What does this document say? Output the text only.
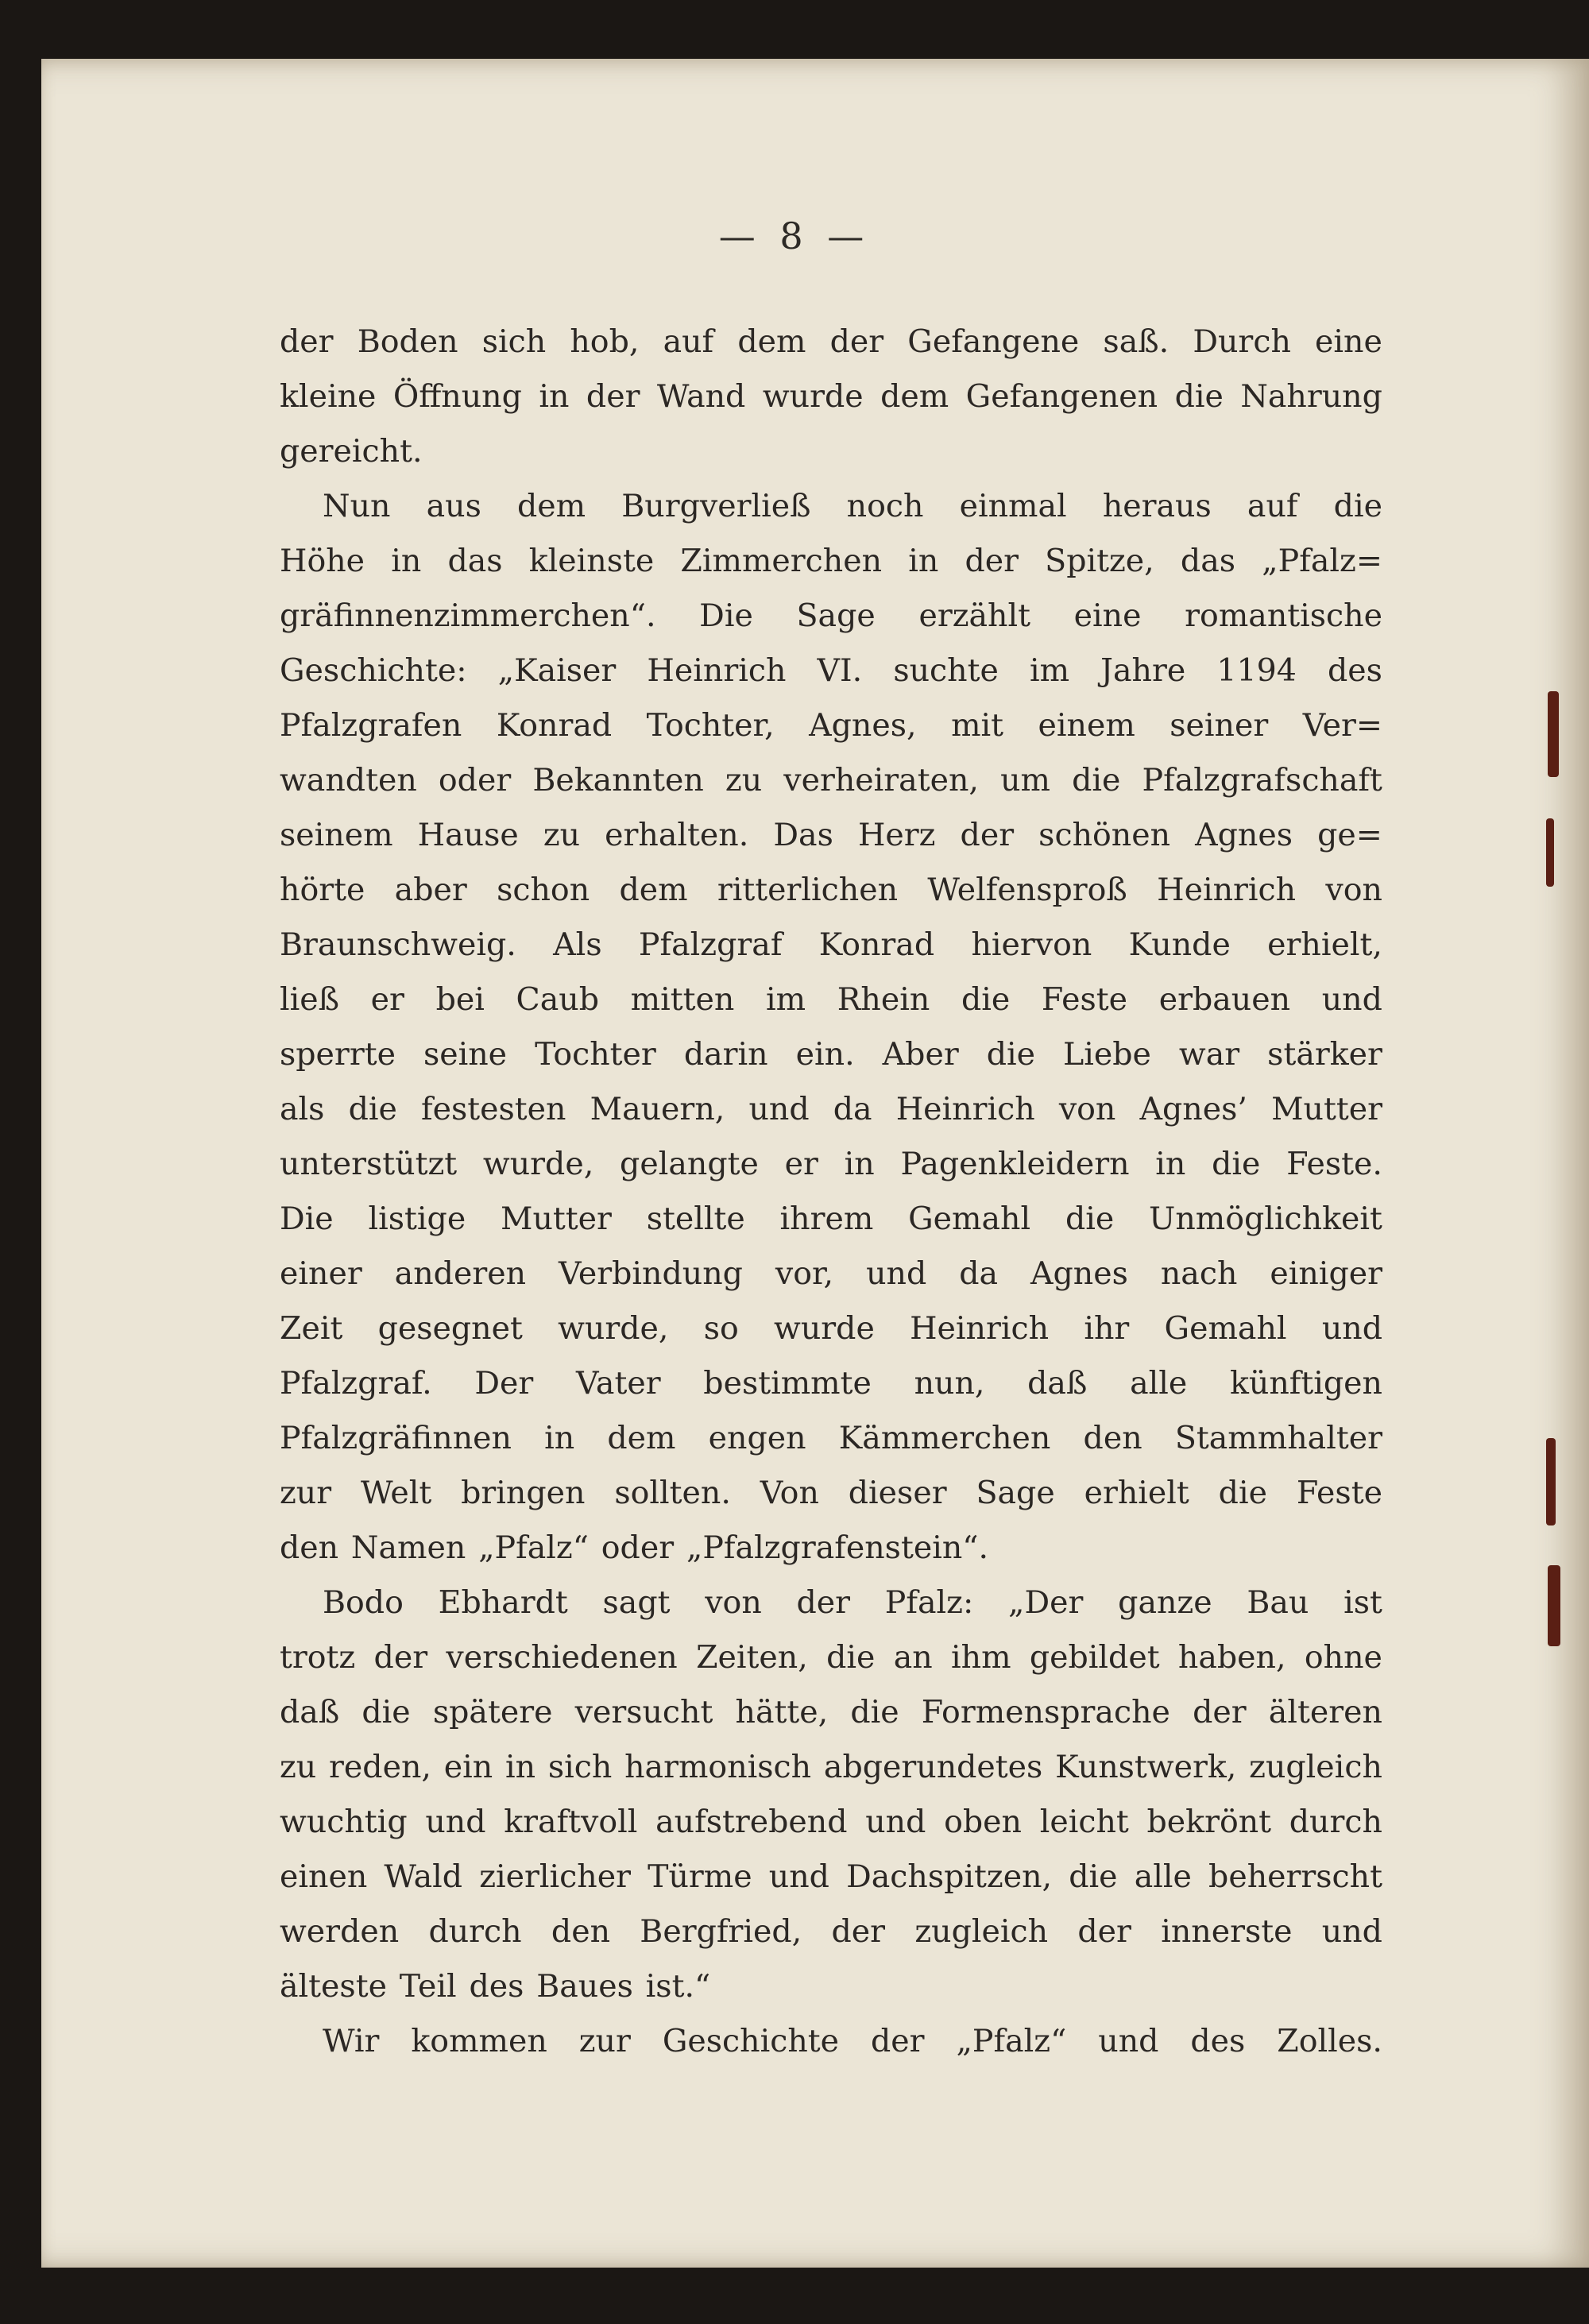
— 8 —
der Boden sich hob, auf dem der Gefangene saß. Durch eine
kleine Öffnung in der Wand wurde dem Gefangenen die Nahrung
gereicht.
Nun aus dem Burgverließ noch einmal heraus auf die
Höhe in das kleinste Zimmerchen in der Spitze, das „Pfalz=
gräfinnenzimmerchen“. Die Sage erzählt eine romantische
Geschichte: „Kaiser Heinrich VI. suchte im Jahre 1194 des
Pfalzgrafen Konrad Tochter, Agnes, mit einem seiner Ver=
wandten oder Bekannten zu verheiraten, um die Pfalzgrafschaft
seinem Hause zu erhalten. Das Herz der schönen Agnes ge=
hörte aber schon dem ritterlichen Welfensproß Heinrich von
Braunschweig. Als Pfalzgraf Konrad hiervon Kunde erhielt,
ließ er bei Caub mitten im Rhein die Feste erbauen und
sperrte seine Tochter darin ein. Aber die Liebe war stärker
als die festesten Mauern, und da Heinrich von Agnes’ Mutter
unterstützt wurde, gelangte er in Pagenkleidern in die Feste.
Die listige Mutter stellte ihrem Gemahl die Unmöglichkeit
einer anderen Verbindung vor, und da Agnes nach einiger
Zeit gesegnet wurde, so wurde Heinrich ihr Gemahl und
Pfalzgraf. Der Vater bestimmte nun, daß alle künftigen
Pfalzgräfinnen in dem engen Kämmerchen den Stammhalter
zur Welt bringen sollten. Von dieser Sage erhielt die Feste
den Namen „Pfalz“ oder „Pfalzgrafenstein“.
Bodo Ebhardt sagt von der Pfalz: „Der ganze Bau ist
trotz der verschiedenen Zeiten, die an ihm gebildet haben, ohne
daß die spätere versucht hätte, die Formensprache der älteren
zu reden, ein in sich harmonisch abgerundetes Kunstwerk, zugleich
wuchtig und kraftvoll aufstrebend und oben leicht bekrönt durch
einen Wald zierlicher Türme und Dachspitzen, die alle beherrscht
werden durch den Bergfried, der zugleich der innerste und
älteste Teil des Baues ist.“
Wir kommen zur Geschichte der „Pfalz“ und des Zolles.
